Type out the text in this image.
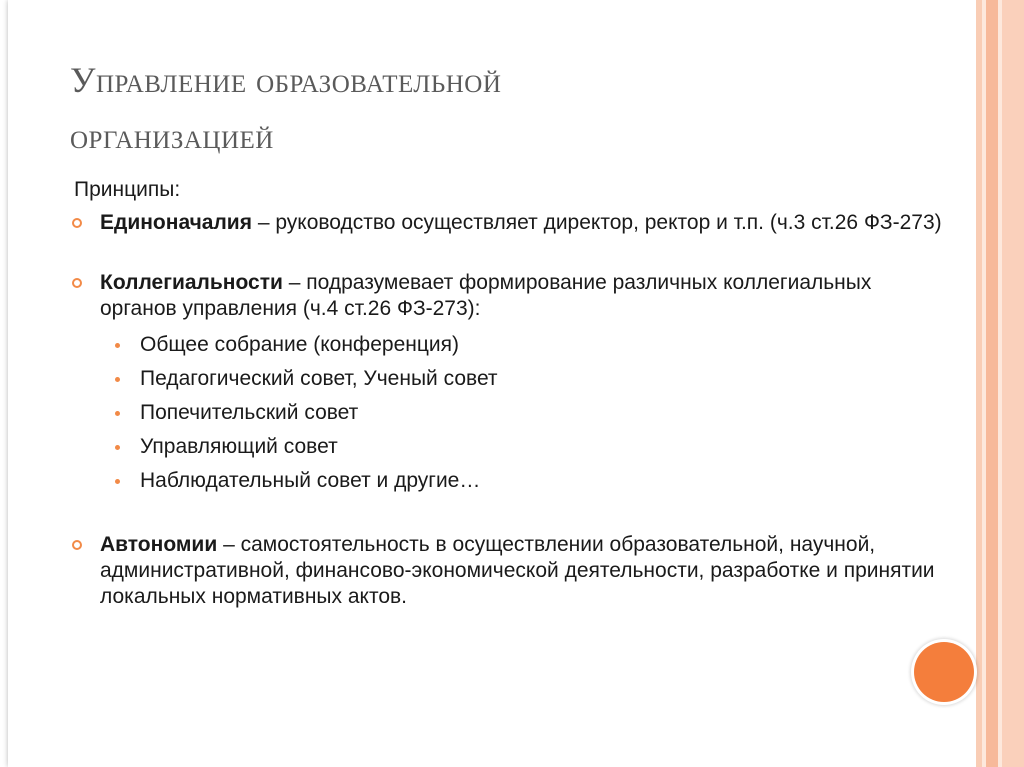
Управление образовательной
организацией
Принципы:
Единоначалия – руководство осуществляет директор, ректор и т.п. (ч.3 ст.26 ФЗ-273)
Коллегиальности – подразумевает формирование различных коллегиальных органов управления (ч.4 ст.26 ФЗ-273):
Общее собрание (конференция)
Педагогический совет, Ученый совет
Попечительский совет
Управляющий совет
Наблюдательный совет и другие…
Автономии – самостоятельность в осуществлении образовательной, научной, административной, финансово-экономической деятельности, разработке и принятии локальных нормативных актов.
